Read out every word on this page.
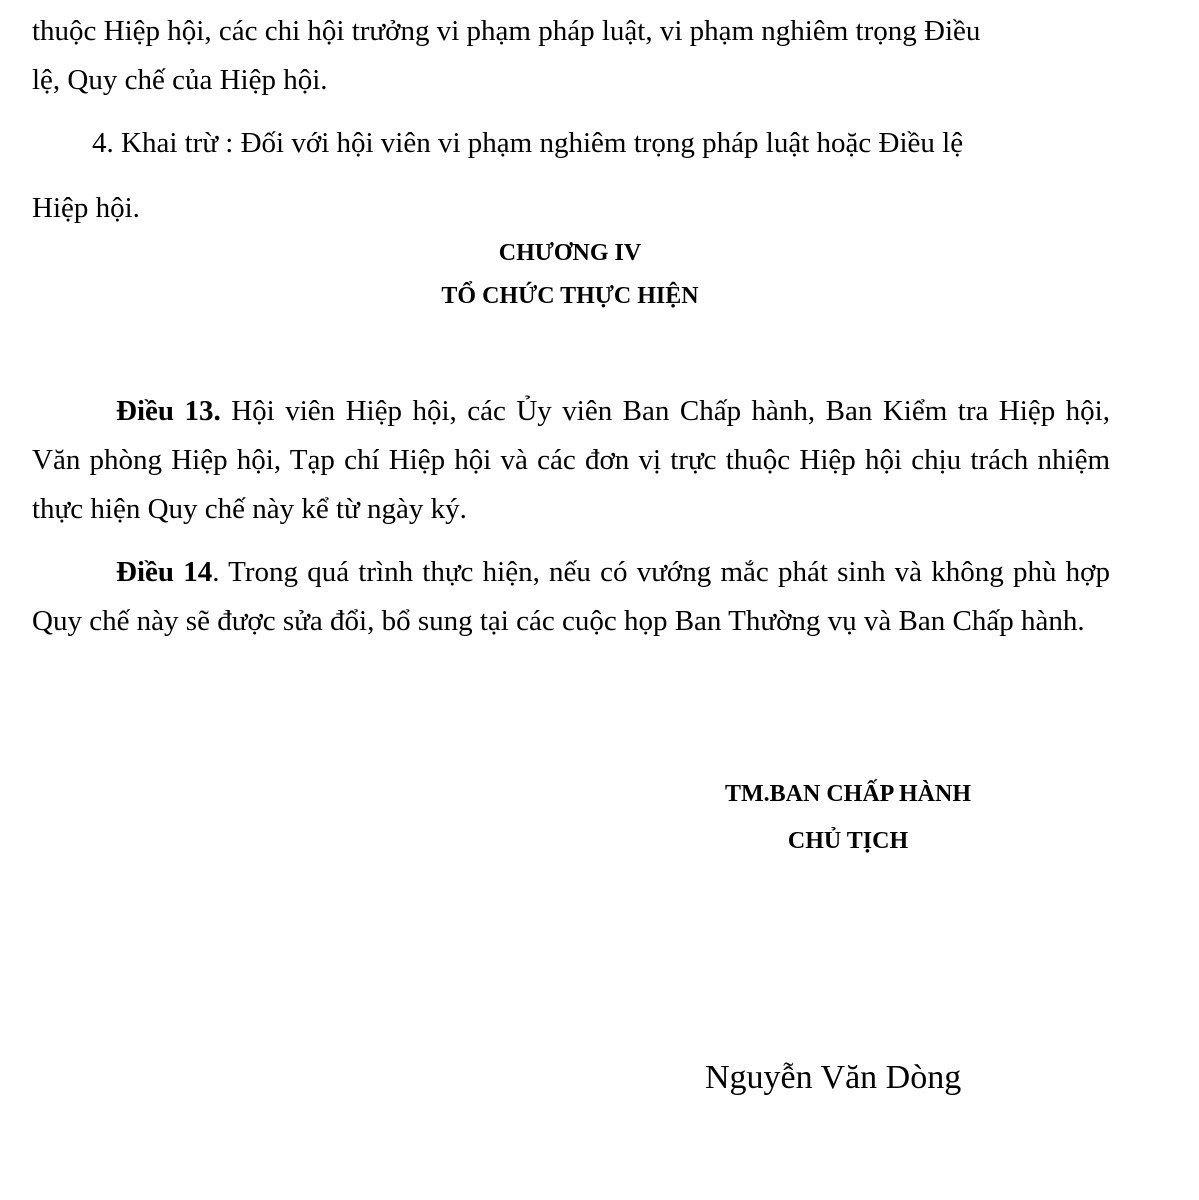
thuộc Hiệp hội, các chi hội trưởng vi phạm pháp luật, vi phạm nghiêm trọng Điều

lệ, Quy chế của Hiệp hội.

4. Khai trừ : Đối với hội viên vi phạm nghiêm trọng pháp luật hoặc Điều lệ

Hiệp hội.

CHƯƠNG IV

TỔ CHỨC THỰC HIỆN

Điều 13. Hội viên Hiệp hội, các Ủy viên Ban Chấp hành, Ban Kiểm tra Hiệp hội, Văn phòng Hiệp hội, Tạp chí Hiệp hội và các đơn vị trực thuộc Hiệp hội chịu trách nhiệm thực hiện Quy chế này kể từ ngày ký.

Điều 14. Trong quá trình thực hiện, nếu có vướng mắc phát sinh và không phù hợp Quy chế này sẽ được sửa đổi, bổ sung tại các cuộc họp Ban Thường vụ và Ban Chấp hành.

TM.BAN CHẤP HÀNH
CHỦ TỊCH
Nguyễn Văn Dòng
